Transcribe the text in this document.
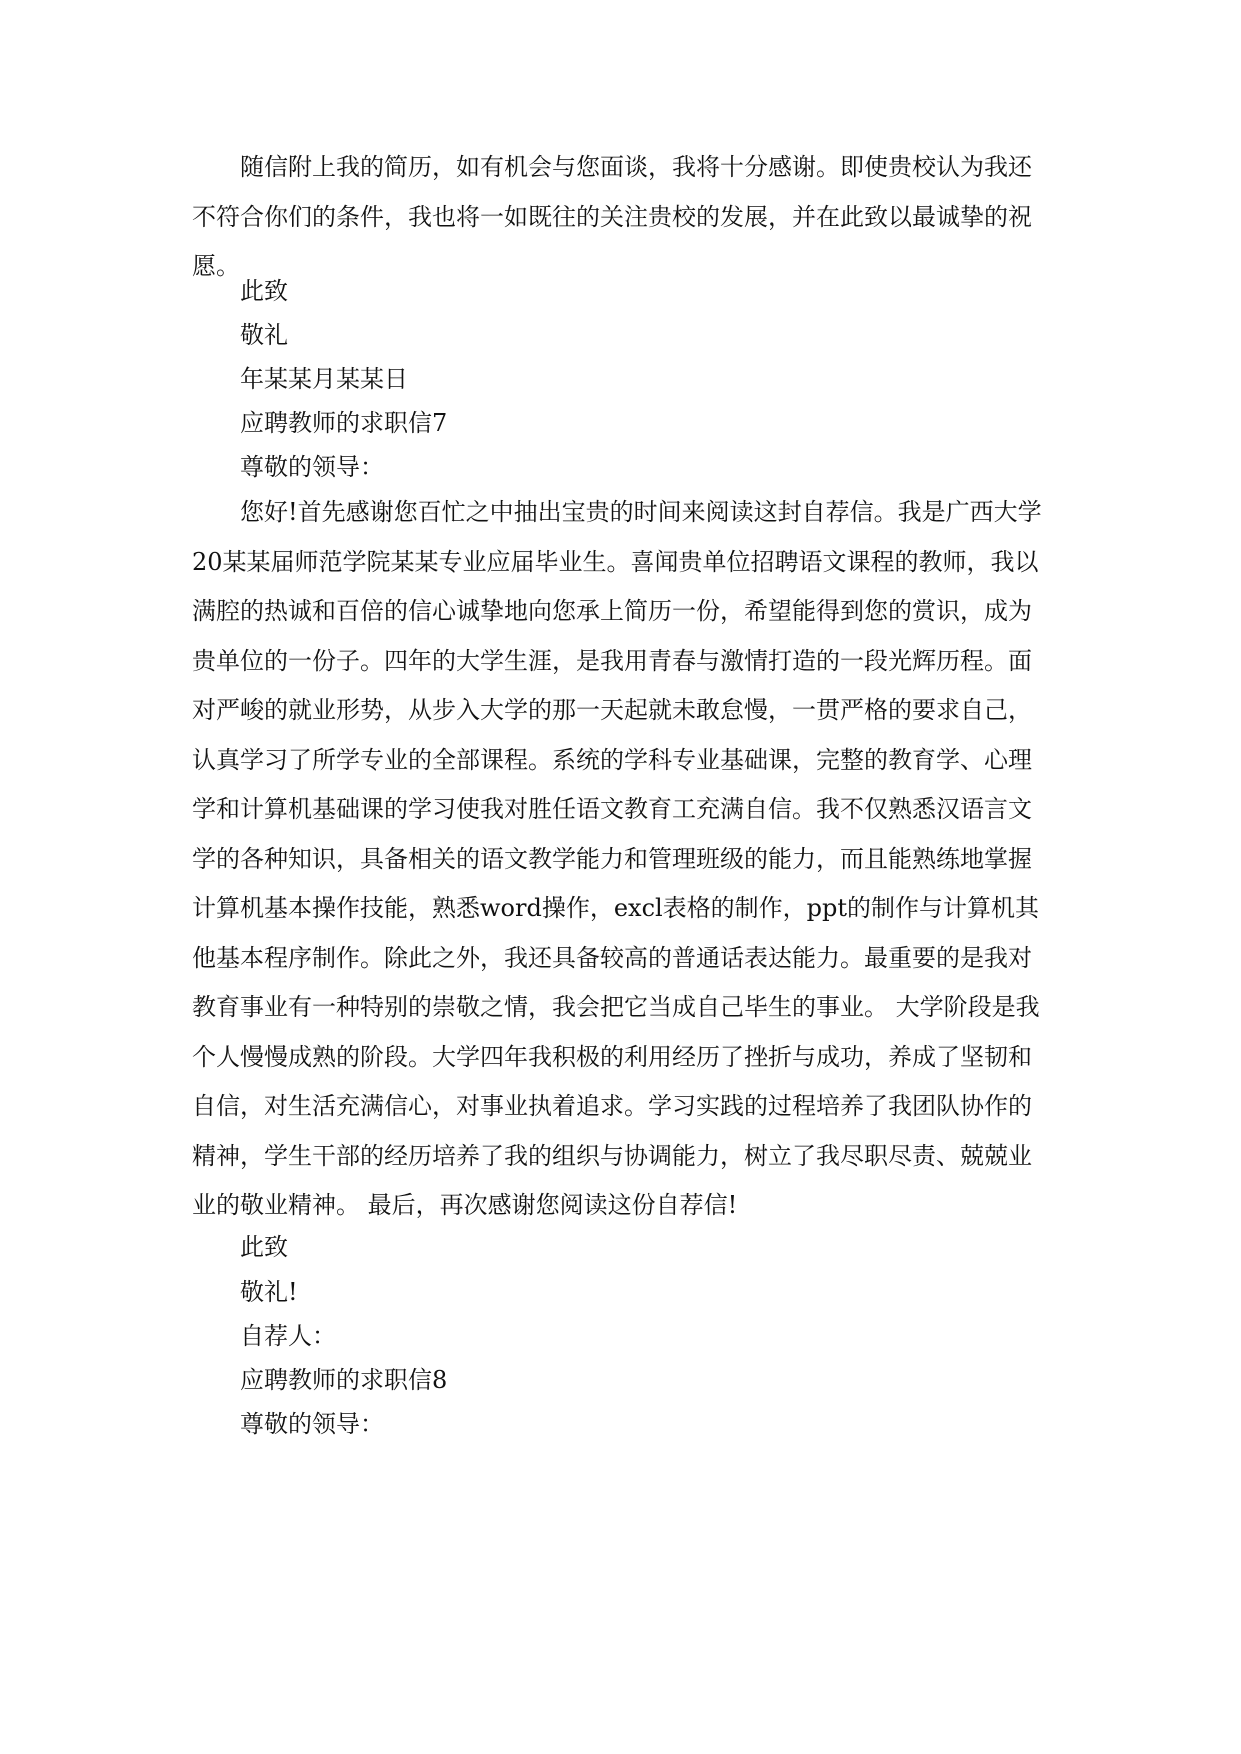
随信附上我的简历，如有机会与您面谈，我将十分感谢。即使贵校认为我还不符合你们的条件，我也将一如既往的关注贵校的发展，并在此致以最诚挚的祝愿。

此致

敬礼

年某某月某某日

应聘教师的求职信7

尊敬的领导：

您好!首先感谢您百忙之中抽出宝贵的时间来阅读这封自荐信。我是广西大学20某某届师范学院某某专业应届毕业生。喜闻贵单位招聘语文课程的教师，我以满腔的热诚和百倍的信心诚挚地向您承上简历一份，希望能得到您的赏识，成为贵单位的一份子。四年的大学生涯，是我用青春与激情打造的一段光辉历程。面对严峻的就业形势，从步入大学的那一天起就未敢怠慢，一贯严格的要求自己，认真学习了所学专业的全部课程。系统的学科专业基础课，完整的教育学、心理学和计算机基础课的学习使我对胜任语文教育工充满自信。我不仅熟悉汉语言文学的各种知识，具备相关的语文教学能力和管理班级的能力，而且能熟练地掌握计算机基本操作技能，熟悉word操作，excl表格的制作，ppt的制作与计算机其他基本程序制作。除此之外，我还具备较高的普通话表达能力。最重要的是我对教育事业有一种特别的崇敬之情，我会把它当成自己毕生的事业。 大学阶段是我个人慢慢成熟的阶段。大学四年我积极的利用经历了挫折与成功，养成了坚韧和自信，对生活充满信心，对事业执着追求。学习实践的过程培养了我团队协作的精神，学生干部的经历培养了我的组织与协调能力，树立了我尽职尽责、兢兢业业的敬业精神。 最后，再次感谢您阅读这份自荐信!

此致

敬礼!

自荐人：

应聘教师的求职信8

尊敬的领导：
